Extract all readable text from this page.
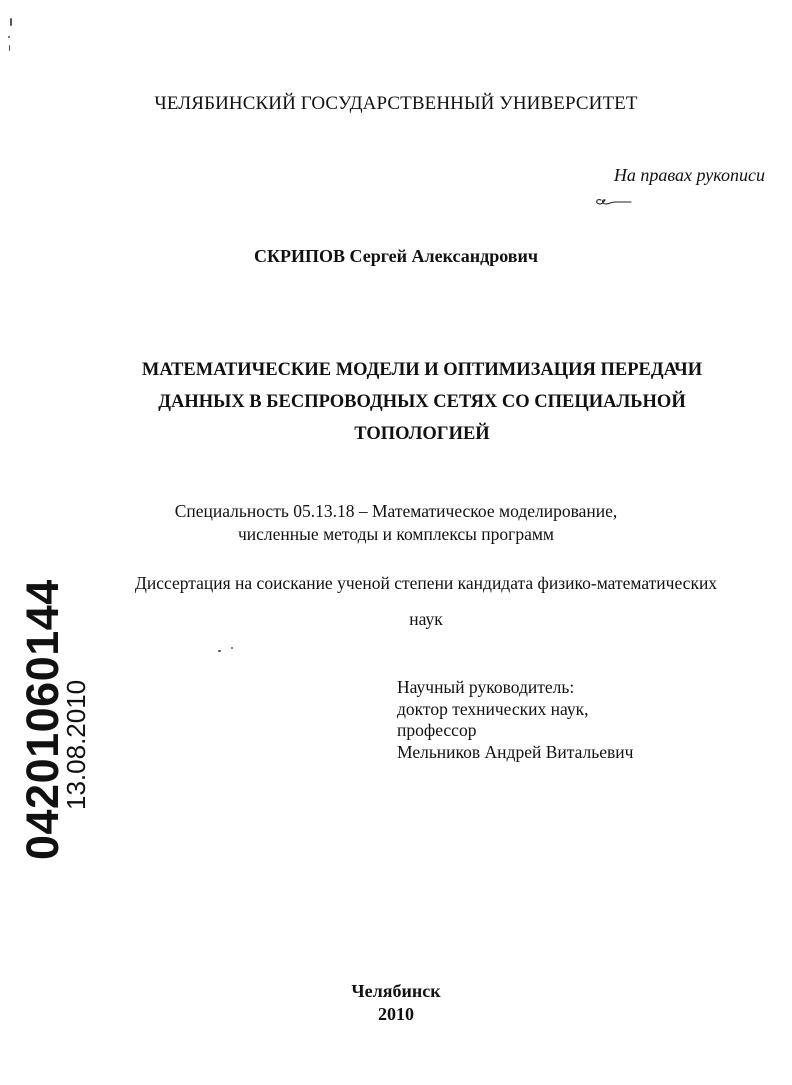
ЧЕЛЯБИНСКИЙ ГОСУДАРСТВЕННЫЙ УНИВЕРСИТЕТ
На правах рукописи
СКРИПОВ Сергей Александрович
МАТЕМАТИЧЕСКИЕ МОДЕЛИ И ОПТИМИЗАЦИЯ ПЕРЕДАЧИ
ДАННЫХ В БЕСПРОВОДНЫХ СЕТЯХ СО СПЕЦИАЛЬНОЙ
ТОПОЛОГИЕЙ
Специальность 05.13.18 – Математическое моделирование,
численные методы и комплексы программ
Диссертация на соискание ученой степени кандидата физико-математических
наук
Научный руководитель:
доктор технических наук,
профессор
Мельников Андрей Витальевич
Челябинск
2010
04201060144
13.08.2010
